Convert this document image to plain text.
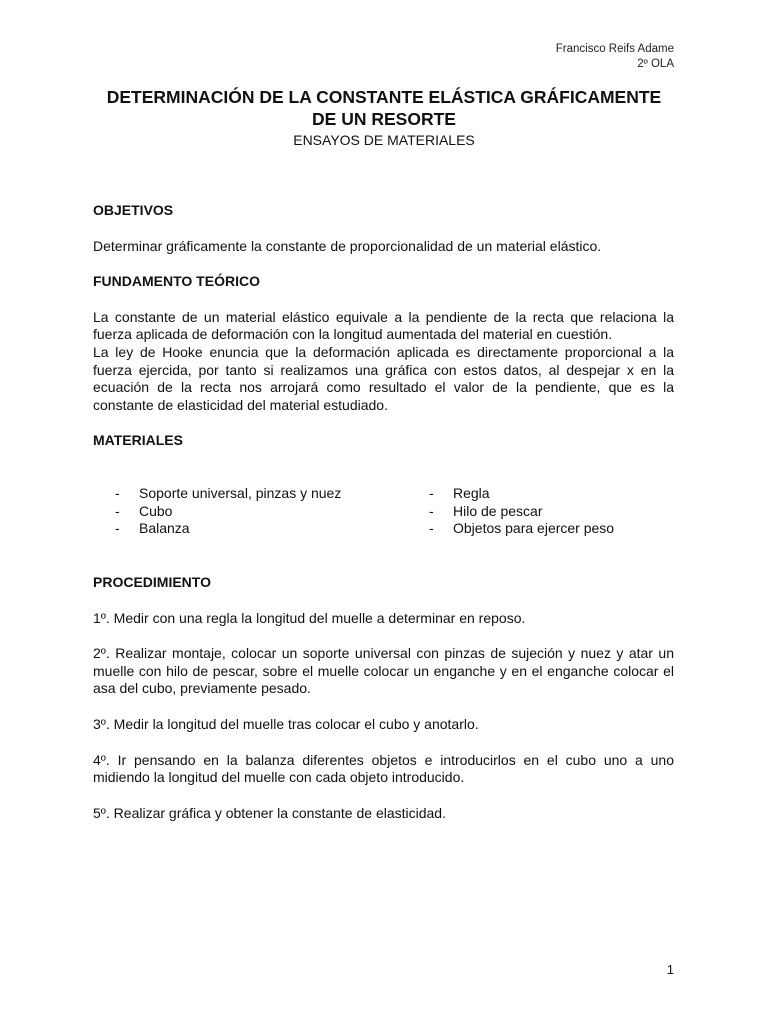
Francisco Reifs Adame
2º OLA
DETERMINACIÓN DE LA CONSTANTE ELÁSTICA GRÁFICAMENTE
DE UN RESORTE
ENSAYOS DE MATERIALES

OBJETIVOS

Determinar gráficamente la constante de proporcionalidad de un material elástico.

FUNDAMENTO TEÓRICO

La constante de un material elástico equivale a la pendiente de la recta que relaciona la fuerza aplicada de deformación con la longitud aumentada del material en cuestión.

La ley de Hooke enuncia que la deformación aplicada es directamente proporcional a la fuerza ejercida, por tanto si realizamos una gráfica con estos datos, al despejar x en la ecuación de la recta nos arrojará como resultado el valor de la pendiente, que es la constante de elasticidad del material estudiado.

MATERIALES

-	Soporte universal, pinzas y nuez
-	Cubo
-	Balanza
-	Regla
-	Hilo de pescar
-	Objetos para ejercer peso

PROCEDIMIENTO

1º. Medir con una regla la longitud del muelle a determinar en reposo.

2º. Realizar montaje, colocar un soporte universal con pinzas de sujeción y nuez y atar un muelle con hilo de pescar, sobre el muelle colocar un enganche y en el enganche colocar el asa del cubo, previamente pesado.

3º. Medir la longitud del muelle tras colocar el cubo y anotarlo.

4º. Ir pensando en la balanza diferentes objetos e introducirlos en el cubo uno a uno midiendo la longitud del muelle con cada objeto introducido.

5º. Realizar gráfica y obtener la constante de elasticidad.

1
